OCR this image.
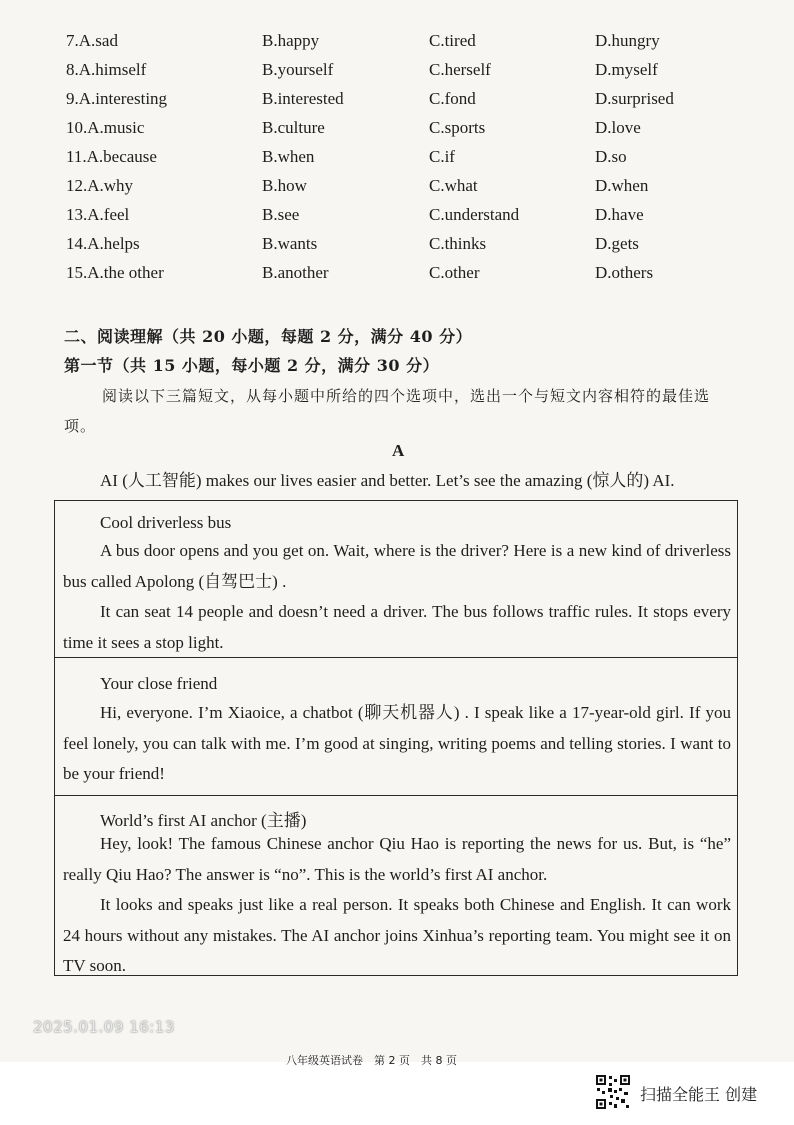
7.A.sad	B.happy	C.tired	D.hungry
8.A.himself	B.yourself	C.herself	D.myself
9.A.interesting	B.interested	C.fond	D.surprised
10.A.music	B.culture	C.sports	D.love
11.A.because	B.when	C.if	D.so
12.A.why	B.how	C.what	D.when
13.A.feel	B.see	C.understand	D.have
14.A.helps	B.wants	C.thinks	D.gets
15.A.the other	B.another	C.other	D.others
二、阅读理解（共 20 小题，每题 2 分，满分 40 分）
第一节（共 15 小题，每小题 2 分，满分 30 分）
阅读以下三篇短文，从每小题中所给的四个选项中，选出一个与短文内容相符的最佳选项。
A
AI (人工智能) makes our lives easier and better. Let’s see the amazing (惊人的) AI.
Cool driverless bus

A bus door opens and you get on. Wait, where is the driver? Here is a new kind of driverless bus called Apolong (自驾巴士) .

It can seat 14 people and doesn’t need a driver. The bus follows traffic rules. It stops every time it sees a stop light.

Your close friend

Hi, everyone. I’m Xiaoice, a chatbot (聊天机器人) . I speak like a 17-year-old girl. If you feel lonely, you can talk with me. I’m good at singing, writing poems and telling stories. I want to be your friend!

World’s first AI anchor (主播)

Hey, look! The famous Chinese anchor Qiu Hao is reporting the news for us. But, is “he” really Qiu Hao? The answer is “no”. This is the world’s first AI anchor.

It looks and speaks just like a real person. It speaks both Chinese and English. It can work 24 hours without any mistakes. The AI anchor joins Xinhua’s reporting team. You might see it on TV soon.

2025.01.09 16:13
八年级英语试卷　第 2 页　共 8 页
扫描全能王 创建
